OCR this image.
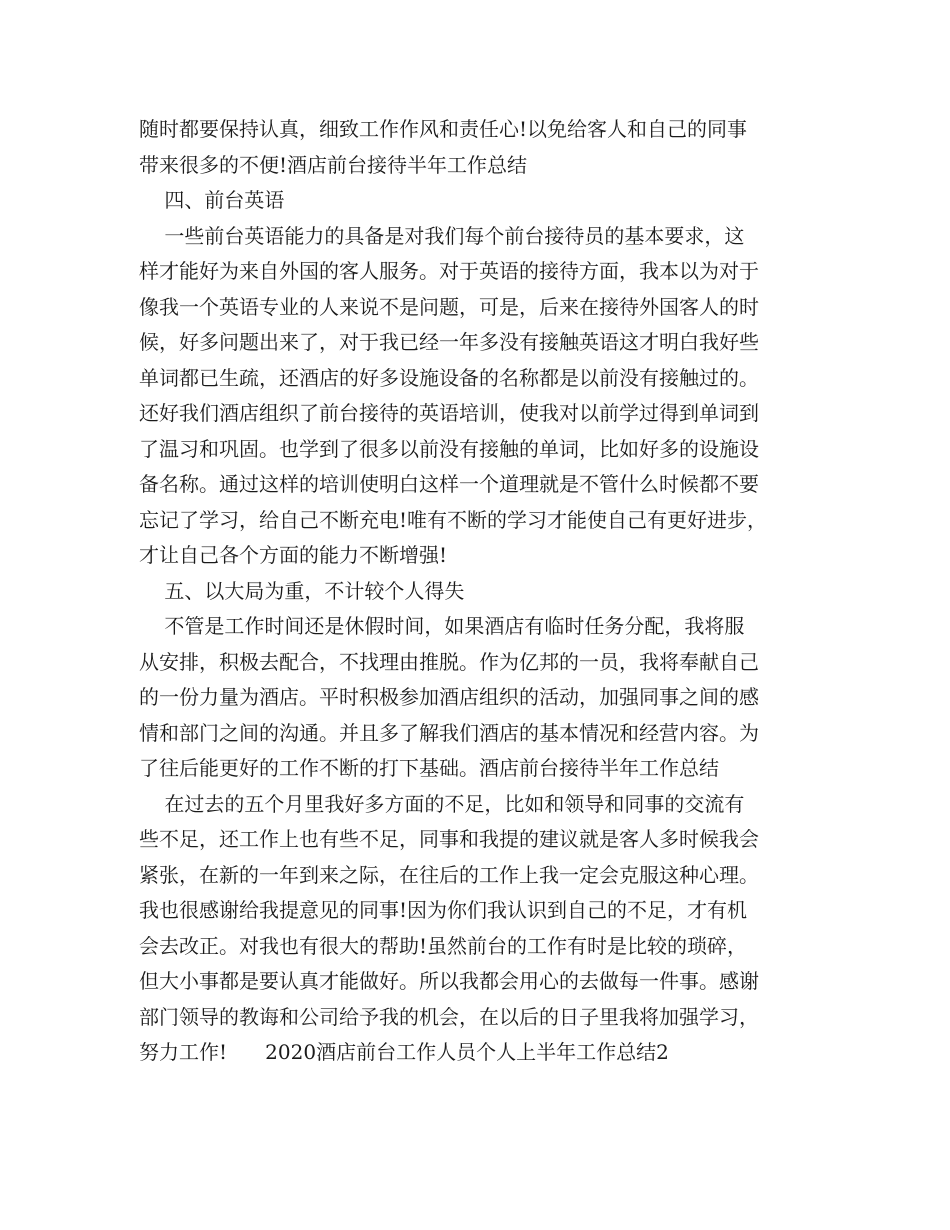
随时都要保持认真，细致工作作风和责任心!以免给客人和自己的同事
带来很多的不便!酒店前台接待半年工作总结
四、前台英语
一些前台英语能力的具备是对我们每个前台接待员的基本要求，这
样才能好为来自外国的客人服务。对于英语的接待方面，我本以为对于
像我一个英语专业的人来说不是问题，可是，后来在接待外国客人的时
候，好多问题出来了，对于我已经一年多没有接触英语这才明白我好些
单词都已生疏，还酒店的好多设施设备的名称都是以前没有接触过的。
还好我们酒店组织了前台接待的英语培训，使我对以前学过得到单词到
了温习和巩固。也学到了很多以前没有接触的单词，比如好多的设施设
备名称。通过这样的培训使明白这样一个道理就是不管什么时候都不要
忘记了学习，给自己不断充电!唯有不断的学习才能使自己有更好进步，
才让自己各个方面的能力不断增强!
五、以大局为重，不计较个人得失
不管是工作时间还是休假时间，如果酒店有临时任务分配，我将服
从安排，积极去配合，不找理由推脱。作为亿邦的一员，我将奉献自己
的一份力量为酒店。平时积极参加酒店组织的活动，加强同事之间的感
情和部门之间的沟通。并且多了解我们酒店的基本情况和经营内容。为
了往后能更好的工作不断的打下基础。酒店前台接待半年工作总结
在过去的五个月里我好多方面的不足，比如和领导和同事的交流有
些不足，还工作上也有些不足，同事和我提的建议就是客人多时候我会
紧张，在新的一年到来之际，在往后的工作上我一定会克服这种心理。
我也很感谢给我提意见的同事!因为你们我认识到自己的不足，才有机
会去改正。对我也有很大的帮助!虽然前台的工作有时是比较的琐碎，
但大小事都是要认真才能做好。所以我都会用心的去做每一件事。感谢
部门领导的教诲和公司给予我的机会，在以后的日子里我将加强学习，
努力工作!      2020酒店前台工作人员个人上半年工作总结2
